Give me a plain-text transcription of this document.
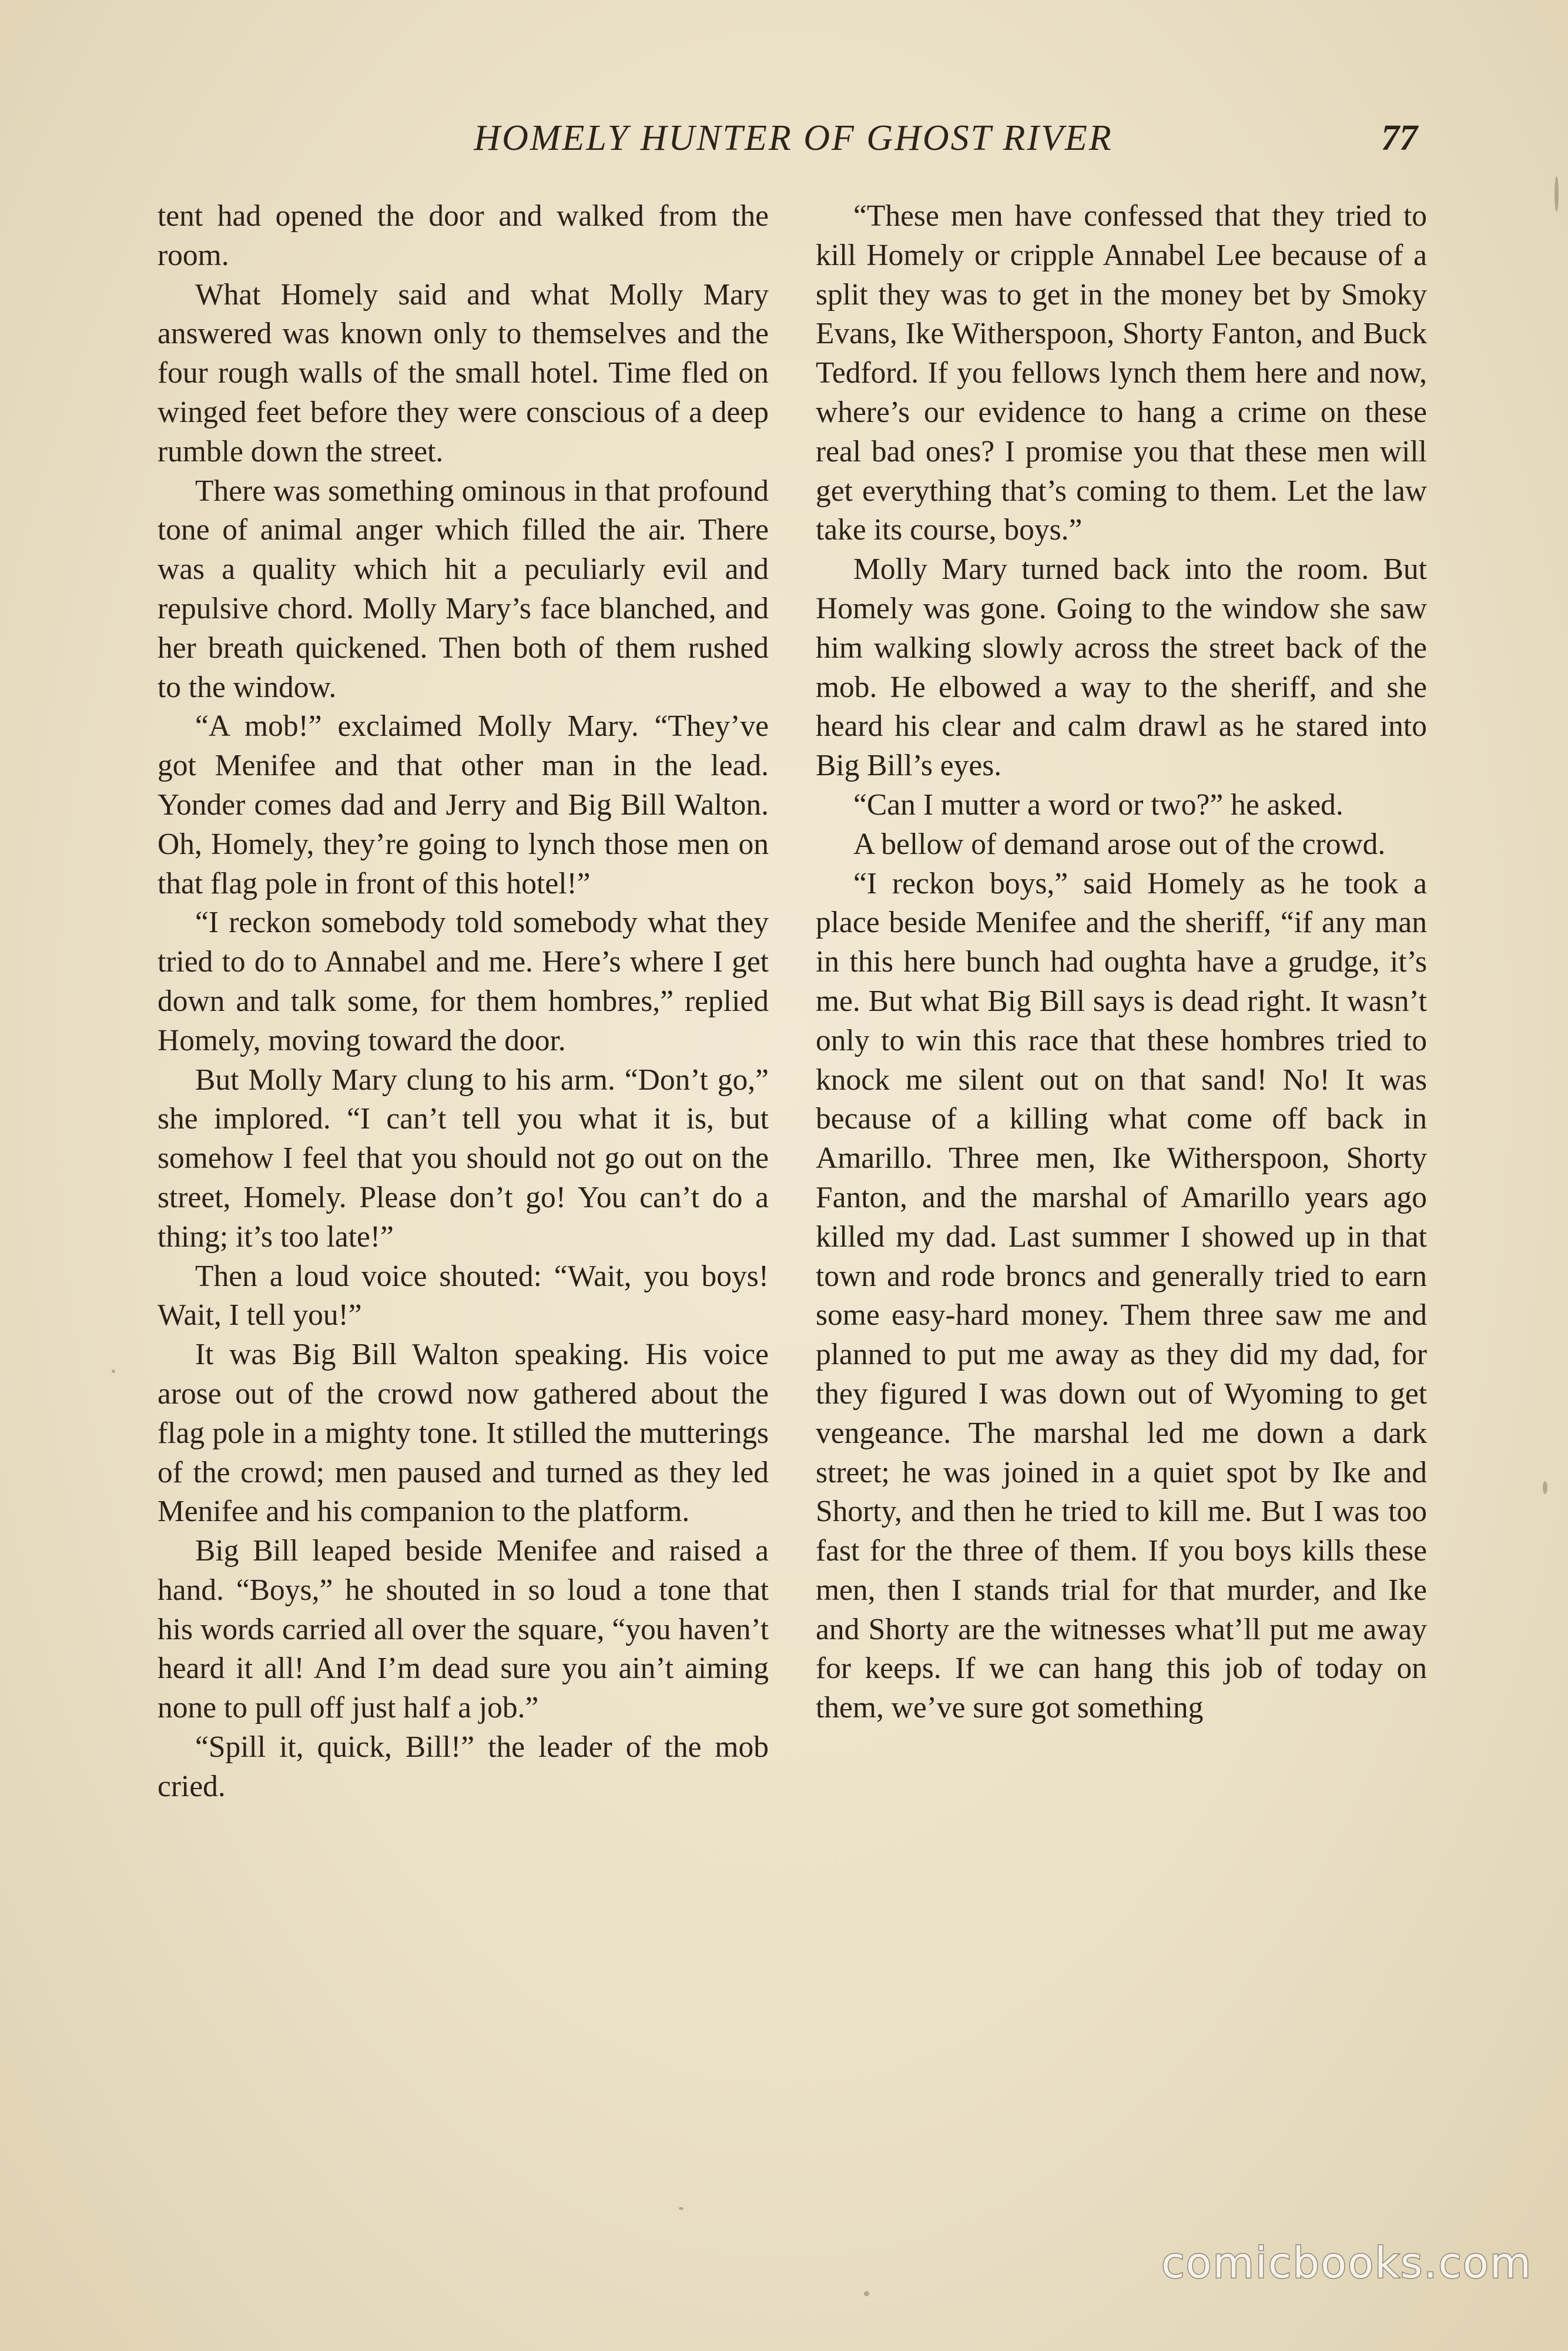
HOMELY HUNTER OF GHOST RIVER	77

tent had opened the door and walked from the room.

What Homely said and what Molly Mary answered was known only to themselves and the four rough walls of the small hotel. Time fled on winged feet before they were conscious of a deep rumble down the street.

There was something ominous in that profound tone of animal anger which filled the air. There was a quality which hit a peculiarly evil and repulsive chord. Molly Mary’s face blanched, and her breath quickened. Then both of them rushed to the window.

“A mob!” exclaimed Molly Mary. “They’ve got Menifee and that other man in the lead. Yonder comes dad and Jerry and Big Bill Walton. Oh, Homely, they’re going to lynch those men on that flag pole in front of this hotel!”

“I reckon somebody told somebody what they tried to do to Annabel and me. Here’s where I get down and talk some, for them hombres,” replied Homely, moving toward the door.

But Molly Mary clung to his arm. “Don’t go,” she implored. “I can’t tell you what it is, but somehow I feel that you should not go out on the street, Homely. Please don’t go! You can’t do a thing; it’s too late!”

Then a loud voice shouted: “Wait, you boys! Wait, I tell you!”

It was Big Bill Walton speaking. His voice arose out of the crowd now gathered about the flag pole in a mighty tone. It stilled the mutterings of the crowd; men paused and turned as they led Menifee and his companion to the platform.

Big Bill leaped beside Menifee and raised a hand. “Boys,” he shouted in so loud a tone that his words carried all over the square, “you haven’t heard it all! And I’m dead sure you ain’t aiming none to pull off just half a job.”

“Spill it, quick, Bill!” the leader of the mob cried.

“These men have confessed that they tried to kill Homely or cripple Annabel Lee because of a split they was to get in the money bet by Smoky Evans, Ike Witherspoon, Shorty Fanton, and Buck Tedford. If you fellows lynch them here and now, where’s our evidence to hang a crime on these real bad ones? I promise you that these men will get everything that’s coming to them. Let the law take its course, boys.”

Molly Mary turned back into the room. But Homely was gone. Going to the window she saw him walking slowly across the street back of the mob. He elbowed a way to the sheriff, and she heard his clear and calm drawl as he stared into Big Bill’s eyes.

“Can I mutter a word or two?” he asked.

A bellow of demand arose out of the crowd.

“I reckon boys,” said Homely as he took a place beside Menifee and the sheriff, “if any man in this here bunch had oughta have a grudge, it’s me. But what Big Bill says is dead right. It wasn’t only to win this race that these hombres tried to knock me silent out on that sand! No! It was because of a killing what come off back in Amarillo. Three men, Ike Witherspoon, Shorty Fanton, and the marshal of Amarillo years ago killed my dad. Last summer I showed up in that town and rode broncs and generally tried to earn some easy-hard money. Them three saw me and planned to put me away as they did my dad, for they figured I was down out of Wyoming to get vengeance. The marshal led me down a dark street; he was joined in a quiet spot by Ike and Shorty, and then he tried to kill me. But I was too fast for the three of them. If you boys kills these men, then I stands trial for that murder, and Ike and Shorty are the witnesses what’ll put me away for keeps. If we can hang this job of today on them, we’ve sure got something

comicbooks.com
